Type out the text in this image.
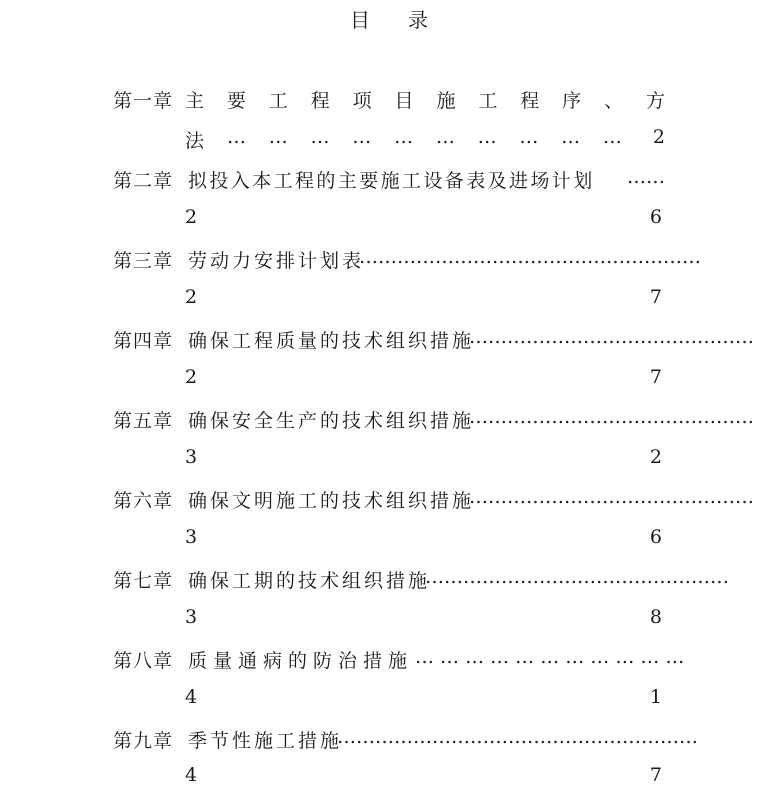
目 录
第一章 主 要 工 程 项 目 施 工 程 序 、 方
法 … … … … … … … … … … 2
第二章 拟投入本工程的主要施工设备表及进场计划 ……
2	6
第三章 劳动力安排计划表
………………………………………………
2	7
第四章 确保工程质量的技术组织措施
………………………………………
2	7
第五章 确保安全生产的技术组织措施
………………………………………
3	2
第六章 确保文明施工的技术组织措施
………………………………………
3	6
第七章 确保工期的技术组织措施
…………………………………………
3	8
第八章 质量通病的防治措施 … … … … … … … … … … …
4	1
第九章 季节性施工措施
…………………………………………………
4	7
